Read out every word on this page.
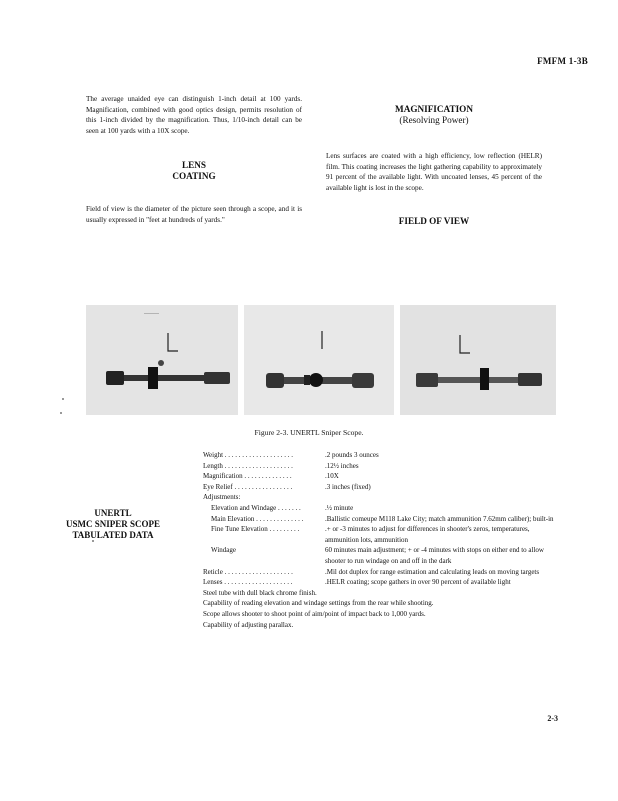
FMFM 1-3B
The average unaided eye can distinguish 1-inch detail at 100 yards. Magnification, combined with good optics design, permits resolution of this 1-inch divided by the magnification. Thus, 1/10-inch detail can be seen at 100 yards with a 10X scope.
LENS
COATING
Field of view is the diameter of the picture seen through a scope, and it is usually expressed in "feet at hundreds of yards."
MAGNIFICATION
(Resolving Power)
Lens surfaces are coated with a high efficiency, low reflection (HELR) film. This coating increases the light gathering capability to approximately 91 percent of the available light. With uncoated lenses, 45 percent of the available light is lost in the scope.
FIELD OF VIEW
———
Figure 2-3. UNERTL Sniper Scope.
UNERTL
USMC SNIPER SCOPE
TABULATED DATA
Weight . . . . . . . . . . . . . . . . . . . .	.2 pounds 3 ounces
Length . . . . . . . . . . . . . . . . . . . .	.12½ inches
Magnification . . . . . . . . . . . . . .	.10X
Eye Relief . . . . . . . . . . . . . . . . .	.3 inches (fixed)
Adjustments:
Elevation and Windage . . . . . . .	.½ minute
Main Elevation . . . . . . . . . . . . . .	.Ballistic comeupe M118 Lake City; match ammunition 7.62mm caliber); built-in
Fine Tune Elevation . . . . . . . . .	.+ or -3 minutes to adjust for differences in shooter's zeros, temperatures, ammunition lots, ammunition
Windage	60 minutes main adjustment; + or -4 minutes with stops on either end to allow shooter to run windage on and off in the dark
Reticle . . . . . . . . . . . . . . . . . . . .	.Mil dot duplex for range estimation and calculating leads on moving targets
Lenses . . . . . . . . . . . . . . . . . . . .	.HELR coating; scope gathers in over 90 percent of available light
Steel tube with dull black chrome finish.
Capability of reading elevation and windage settings from the rear while shooting.
Scope allows shooter to shoot point of aim/point of impact back to 1,000 yards.
Capability of adjusting parallax.
2-3
